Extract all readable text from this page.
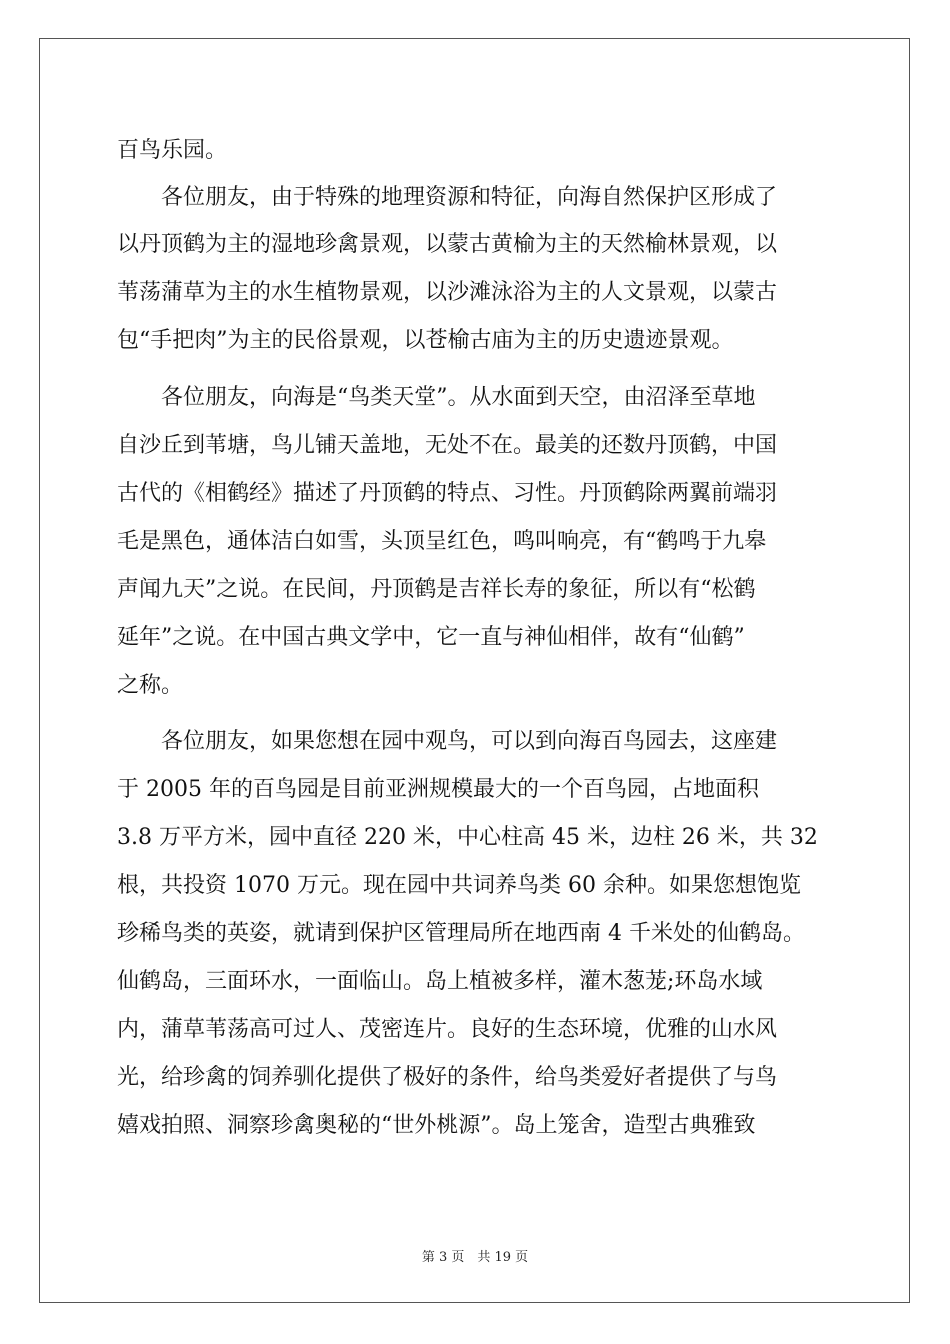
百鸟乐园。
　　各位朋友，由于特殊的地理资源和特征，向海自然保护区形成了
以丹顶鹤为主的湿地珍禽景观，以蒙古黄榆为主的天然榆林景观，以
苇荡蒲草为主的水生植物景观，以沙滩泳浴为主的人文景观，以蒙古
包“手把肉”为主的民俗景观，以苍榆古庙为主的历史遗迹景观。
　　各位朋友，向海是“鸟类天堂”。从水面到天空，由沼泽至草地
自沙丘到苇塘，鸟儿铺天盖地，无处不在。最美的还数丹顶鹤，中国
古代的《相鹤经》描述了丹顶鹤的特点、习性。丹顶鹤除两翼前端羽
毛是黑色，通体洁白如雪，头顶呈红色，鸣叫响亮，有“鹤鸣于九皋
声闻九天”之说。在民间，丹顶鹤是吉祥长寿的象征，所以有“松鹤
延年”之说。在中国古典文学中，它一直与神仙相伴，故有“仙鹤”
之称。
　　各位朋友，如果您想在园中观鸟，可以到向海百鸟园去，这座建
于 2005 年的百鸟园是目前亚洲规模最大的一个百鸟园，占地面积
3.8 万平方米，园中直径 220 米，中心柱高 45 米，边柱 26 米，共 32
根，共投资 1070 万元。现在园中共词养鸟类 60 余种。如果您想饱览
珍稀鸟类的英姿，就请到保护区管理局所在地西南 4 千米处的仙鹤岛。
仙鹤岛，三面环水，一面临山。岛上植被多样，灌木葱茏;环岛水域
内，蒲草苇荡高可过人、茂密连片。良好的生态环境，优雅的山水风
光，给珍禽的饲养驯化提供了极好的条件，给鸟类爱好者提供了与鸟
嬉戏拍照、洞察珍禽奥秘的“世外桃源”。岛上笼舍，造型古典雅致
第 3 页　共 19 页
